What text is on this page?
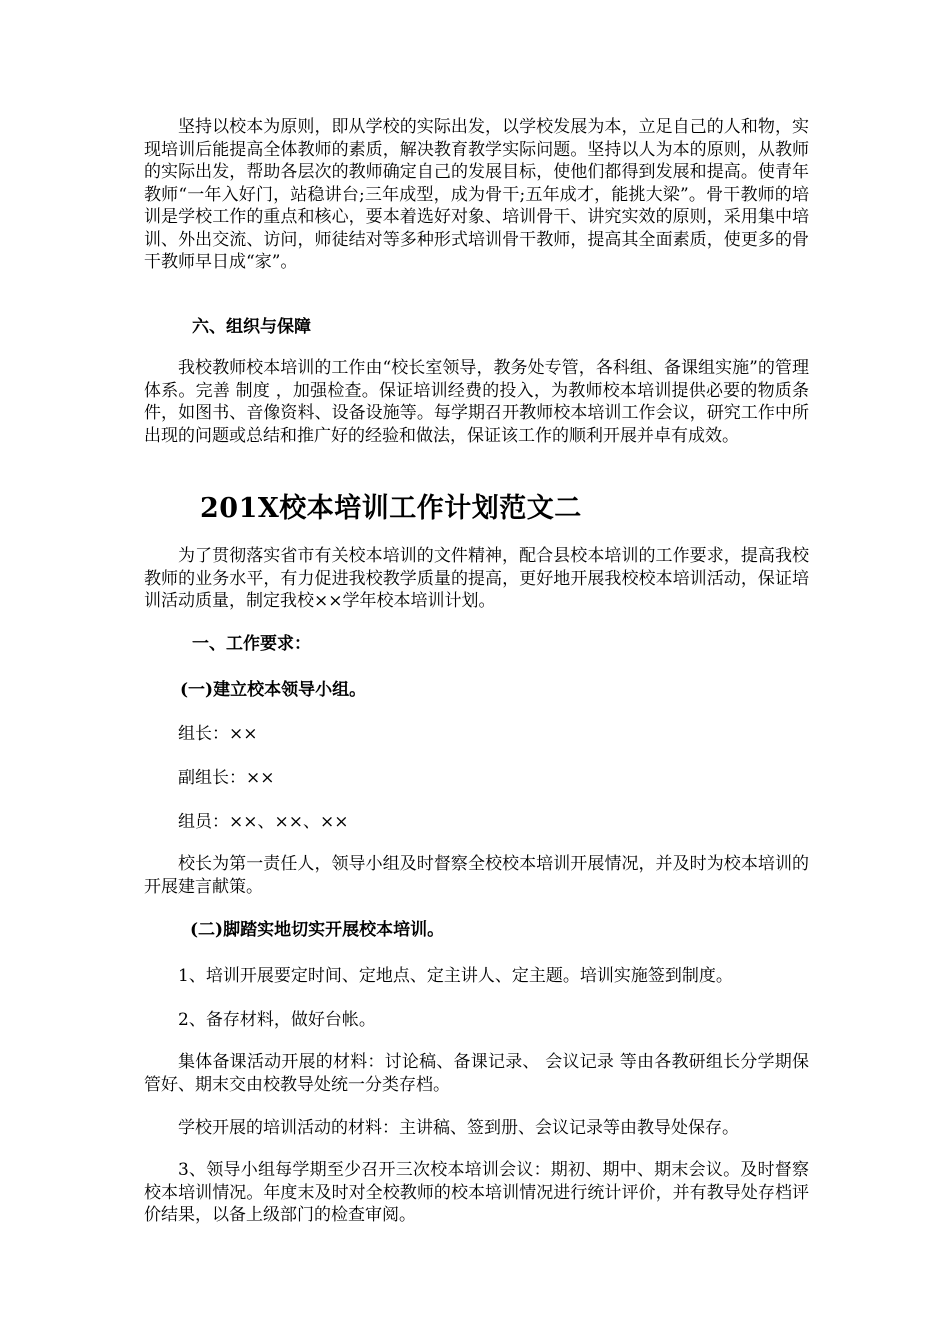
坚持以校本为原则，即从学校的实际出发，以学校发展为本，立足自己的人和物，实现培训后能提高全体教师的素质，解决教育教学实际问题。坚持以人为本的原则，从教师的实际出发，帮助各层次的教师确定自己的发展目标，使他们都得到发展和提高。使青年教师“一年入好门，站稳讲台;三年成型，成为骨干;五年成才，能挑大梁”。骨干教师的培训是学校工作的重点和核心，要本着选好对象、培训骨干、讲究实效的原则，采用集中培训、外出交流、访问，师徒结对等多种形式培训骨干教师，提高其全面素质，使更多的骨干教师早日成“家”。

六、组织与保障

我校教师校本培训的工作由“校长室领导，教务处专管，各科组、备课组实施”的管理体系。完善 制度 ，加强检查。保证培训经费的投入，为教师校本培训提供必要的物质条件，如图书、音像资料、设备设施等。每学期召开教师校本培训工作会议，研究工作中所出现的问题或总结和推广好的经验和做法，保证该工作的顺利开展并卓有成效。

201X校本培训工作计划范文二

为了贯彻落实省市有关校本培训的文件精神，配合县校本培训的工作要求，提高我校教师的业务水平，有力促进我校教学质量的提高，更好地开展我校校本培训活动，保证培训活动质量，制定我校××学年校本培训计划。

一、工作要求：

(一)建立校本领导小组。

组长：××

副组长：××

组员：××、××、××

校长为第一责任人，领导小组及时督察全校校本培训开展情况，并及时为校本培训的开展建言献策。

(二)脚踏实地切实开展校本培训。

1、培训开展要定时间、定地点、定主讲人、定主题。培训实施签到制度。

2、备存材料，做好台帐。

集体备课活动开展的材料：讨论稿、备课记录、 会议记录 等由各教研组长分学期保管好、期末交由校教导处统一分类存档。

学校开展的培训活动的材料：主讲稿、签到册、会议记录等由教导处保存。

3、领导小组每学期至少召开三次校本培训会议：期初、期中、期末会议。及时督察校本培训情况。年度末及时对全校教师的校本培训情况进行统计评价，并有教导处存档评价结果，以备上级部门的检查审阅。
